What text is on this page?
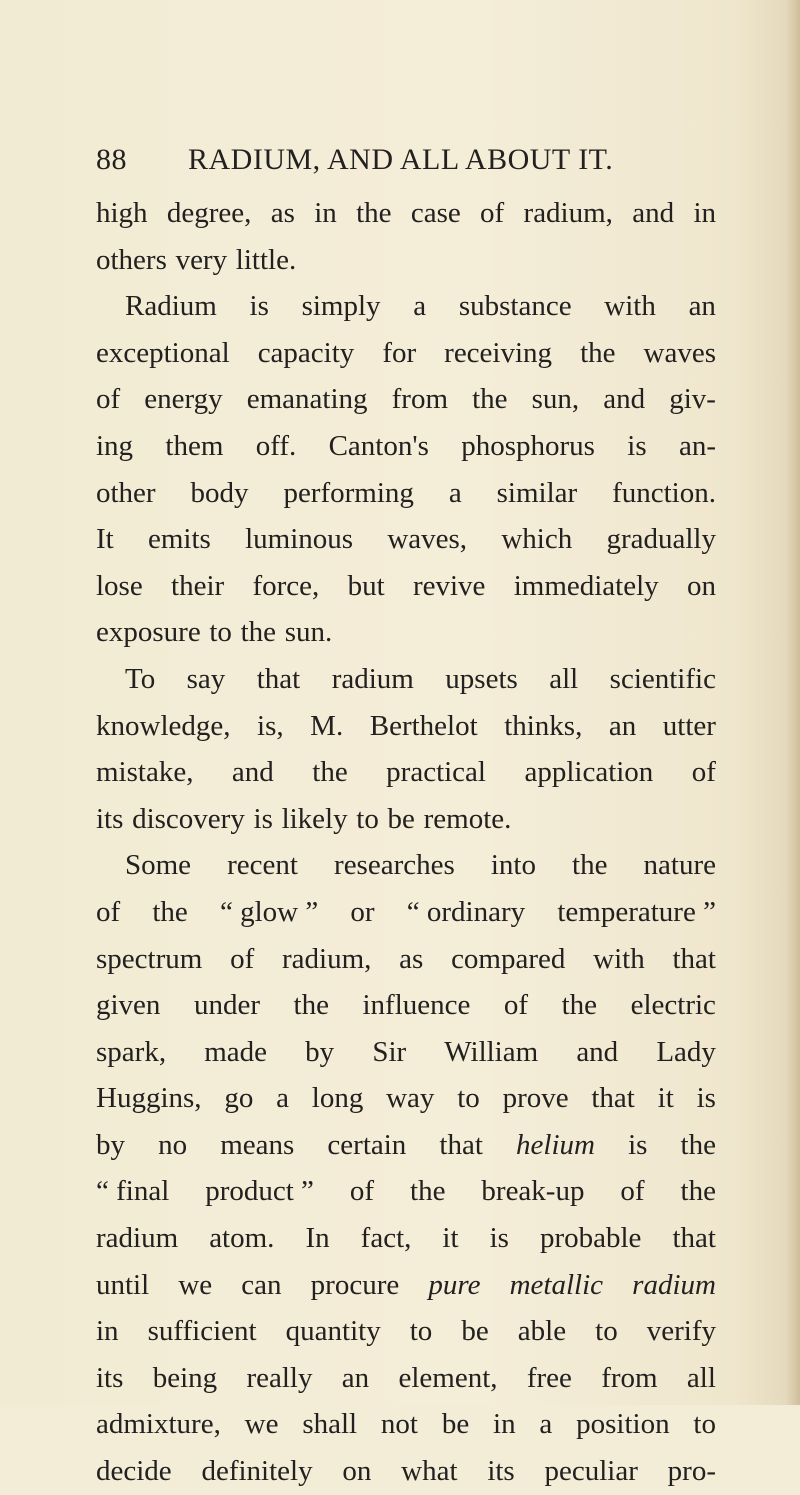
88 RADIUM, AND ALL ABOUT IT.
high degree, as in the case of radium, and in
others very little.
Radium is simply a substance with an
exceptional capacity for receiving the waves
of energy emanating from the sun, and giv-
ing them off. Canton's phosphorus is an-
other body performing a similar function.
It emits luminous waves, which gradually
lose their force, but revive immediately on
exposure to the sun.
To say that radium upsets all scientific
knowledge, is, M. Berthelot thinks, an utter
mistake, and the practical application of
its discovery is likely to be remote.
Some recent researches into the nature
of the “ glow ” or “ ordinary temperature ”
spectrum of radium, as compared with that
given under the influence of the electric
spark, made by Sir William and Lady
Huggins, go a long way to prove that it is
by no means certain that helium is the
“ final product ” of the break-up of the
radium atom. In fact, it is probable that
until we can procure pure metallic radium
in sufficient quantity to be able to verify
its being really an element, free from all
admixture, we shall not be in a position to
decide definitely on what its peculiar pro-
